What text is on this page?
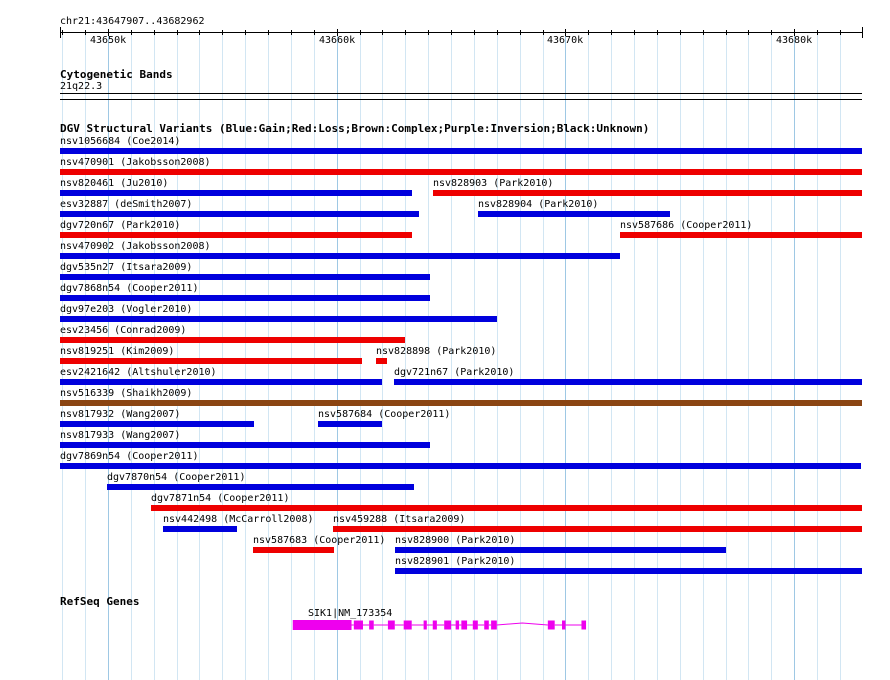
chr21:43647907..43682962
43650k	43660k	43670k	43680k
Cytogenetic Bands
21q22.3
DGV Structural Variants (Blue:Gain;Red:Loss;Brown:Complex;Purple:Inversion;Black:Unknown)
nsv1056684 (Coe2014)
nsv470901 (Jakobsson2008)
nsv820461 (Ju2010)	nsv828903 (Park2010)
esv32887 (deSmith2007)	nsv828904 (Park2010)
dgv720n67 (Park2010)	nsv587686 (Cooper2011)
nsv470902 (Jakobsson2008)
dgv535n27 (Itsara2009)
dgv7868n54 (Cooper2011)
dgv97e203 (Vogler2010)
esv23456 (Conrad2009)
nsv819251 (Kim2009)	nsv828898 (Park2010)
esv2421642 (Altshuler2010)	dgv721n67 (Park2010)
nsv516339 (Shaikh2009)
nsv817932 (Wang2007)	nsv587684 (Cooper2011)
nsv817933 (Wang2007)
dgv7869n54 (Cooper2011)
dgv7870n54 (Cooper2011)
dgv7871n54 (Cooper2011)
nsv442498 (McCarroll2008) nsv459288 (Itsara2009)
nsv587683 (Cooper2011) nsv828900 (Park2010)
nsv828901 (Park2010)
RefSeq Genes
SIK1|NM_173354
